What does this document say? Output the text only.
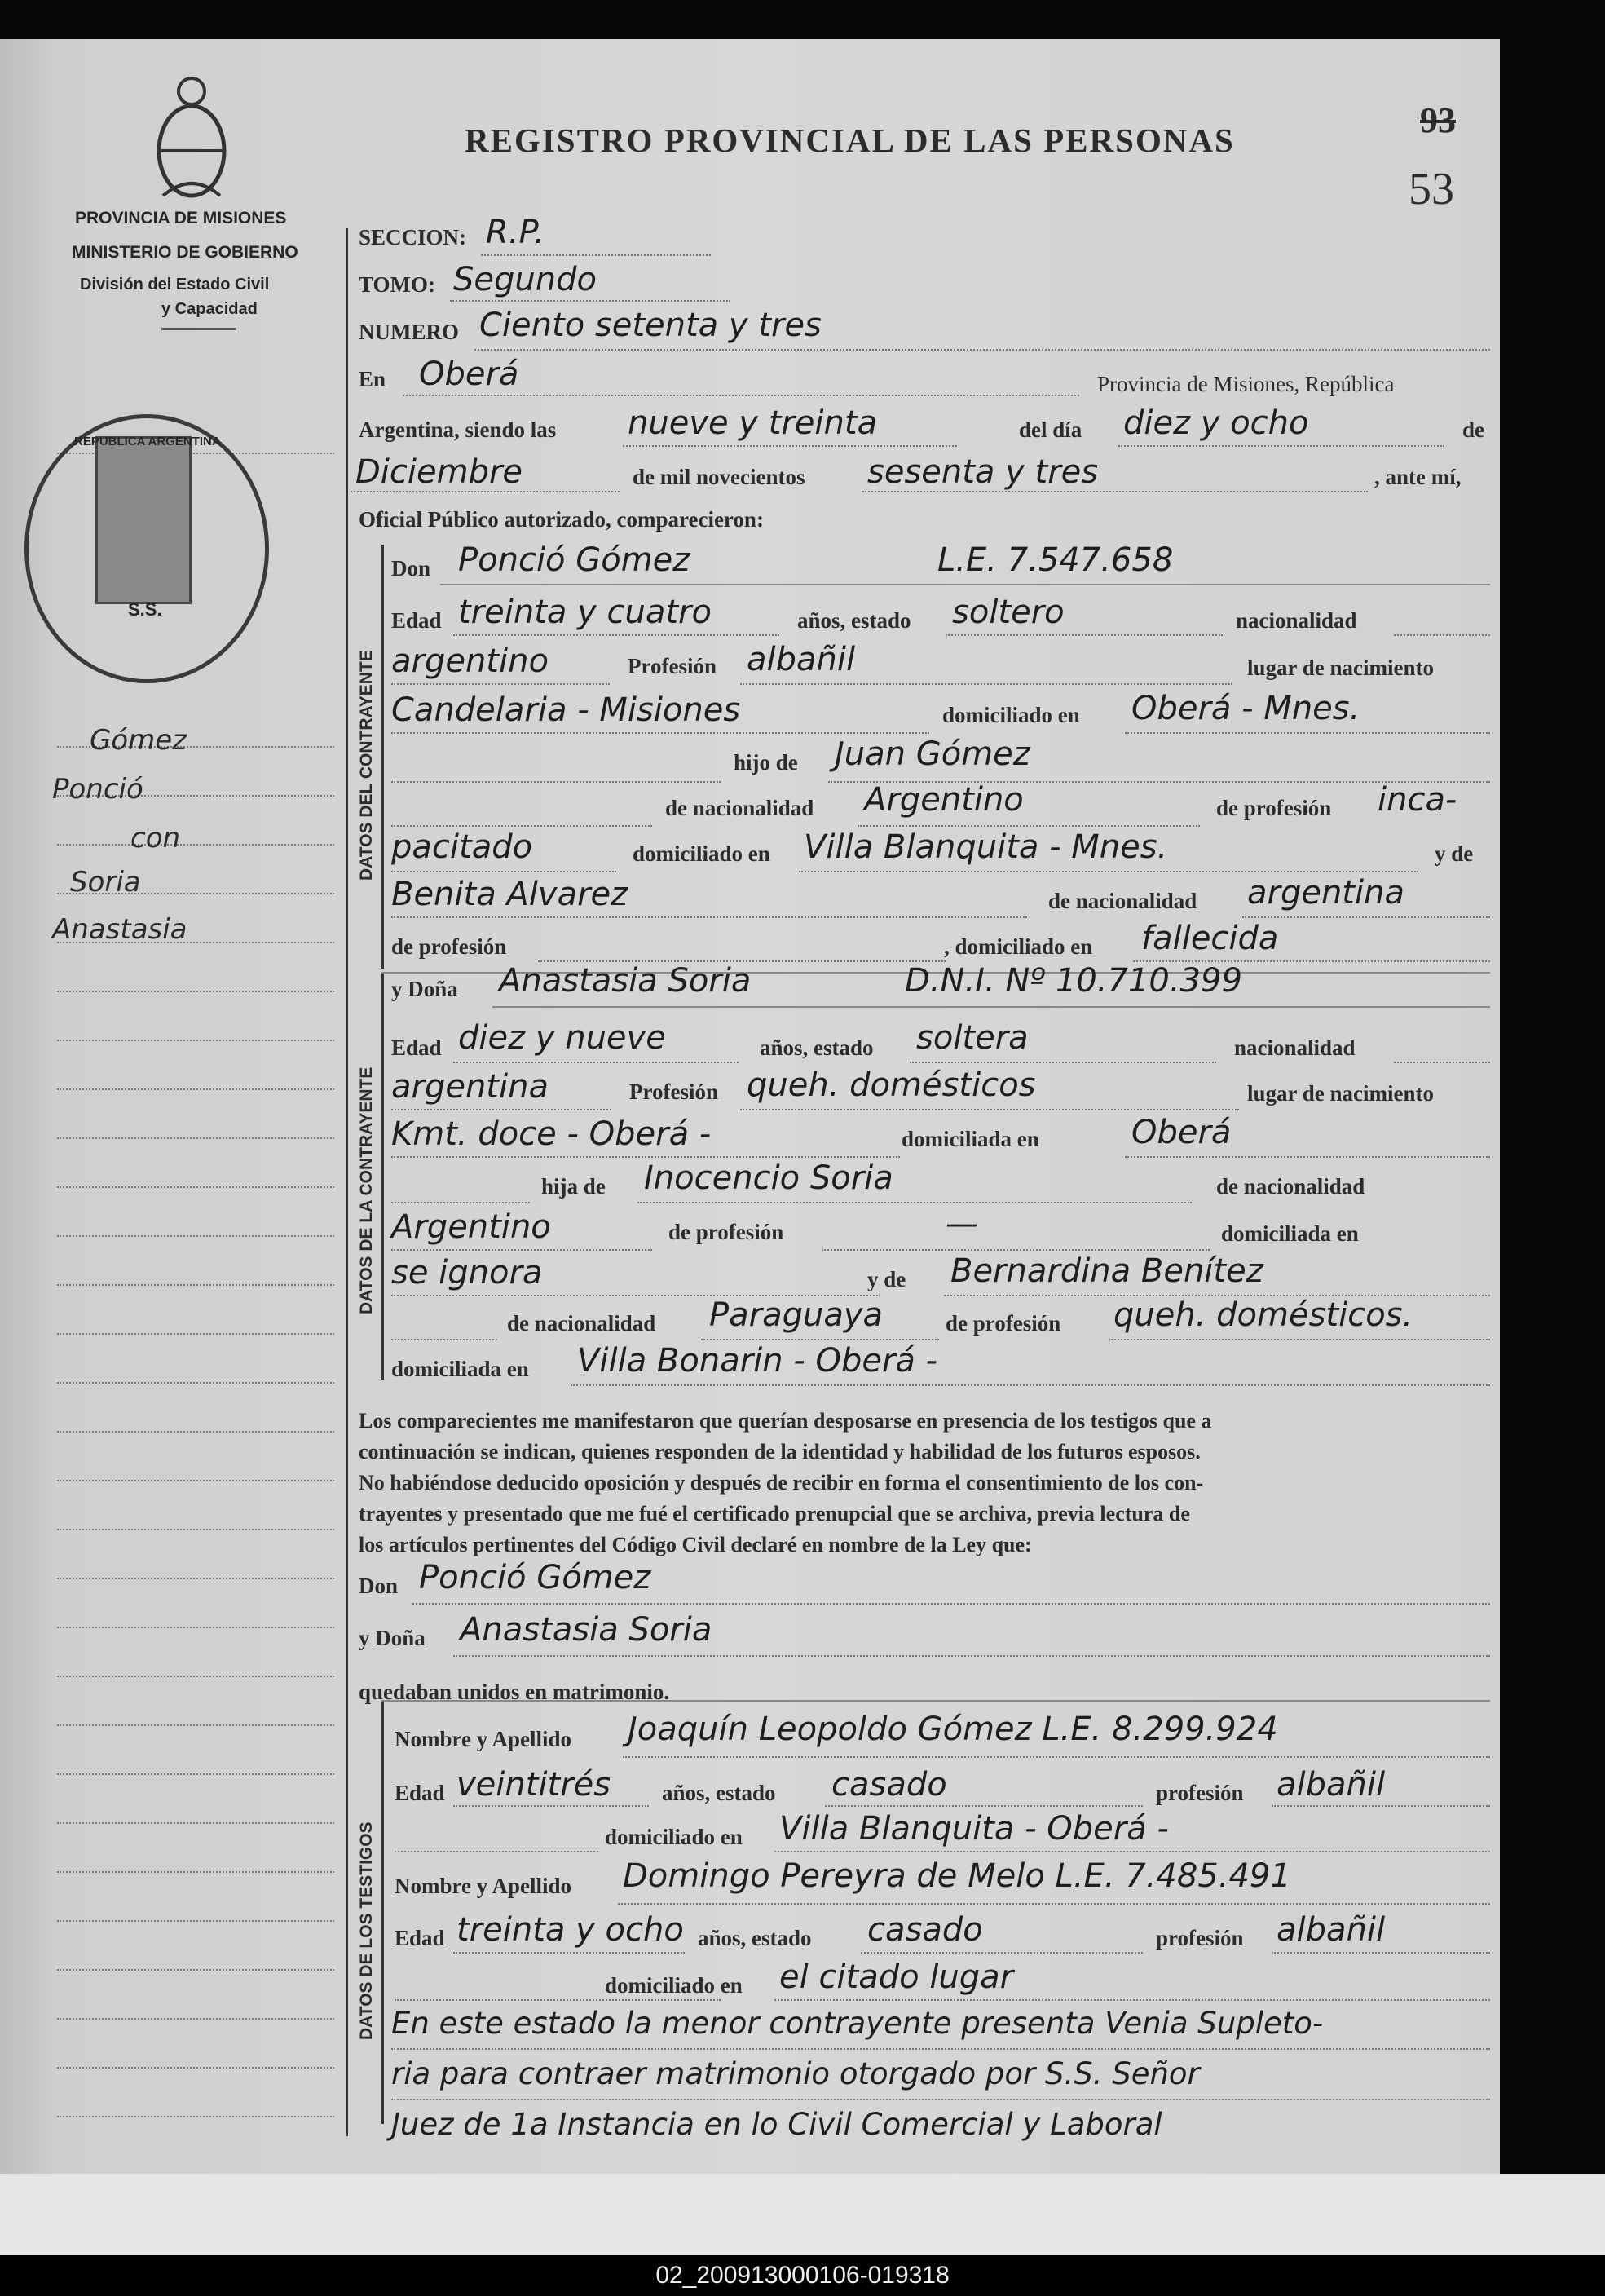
PROVINCIA DE MISIONES
MINISTERIO DE GOBIERNO
División del Estado Civil
y Capacidad
REGISTRO PROVINCIAL DE LAS PERSONAS	93
53
DATOS DEL CONTRAYENTE
DATOS DE LA CONTRAYENTE
DATOS DE LOS TESTIGOS
REPUBLICA ARGENTINA
S.S.
Gómez
Ponció
con
Soria
Anastasia
SECCION: R.P.
TOMO: Segundo
NUMERO Ciento setenta y tres
En Oberá	Provincia de Misiones, República
Argentina, siendo las nueve y treinta	del día diez y ocho	de
Diciembre	de mil novecientos sesenta y tres	, ante mí,
Oficial Público autorizado, comparecieron:
Don Ponció Gómez	L.E. 7.547.658
Edad treinta y cuatro	años, estado soltero	nacionalidad
argentino	Profesión albañil	lugar de nacimiento
Candelaria - Misiones	domiciliado en Oberá - Mnes.
hijo de Juan Gómez
de nacionalidad Argentino	de profesión inca-
pacitado	domiciliado en Villa Blanquita - Mnes.	y de
Benita Alvarez	de nacionalidad argentina
de profesión	, domiciliado en fallecida
y Doña Anastasia Soria	D.N.I. Nº 10.710.399
Edad diez y nueve	años, estado soltera	nacionalidad
argentina	Profesión queh. domésticos	lugar de nacimiento
Kmt. doce - Oberá -	domiciliada en	Oberá
hija de Inocencio Soria	de nacionalidad
Argentino	de profesión	—	domiciliada en
se ignora	y de Bernardina Benítez
de nacionalidad Paraguaya	de profesión queh. domésticos.
domiciliada en Villa Bonarin - Oberá -
Los comparecientes me manifestaron que querían desposarse en presencia de los testigos que a
continuación se indican, quienes responden de la identidad y habilidad de los futuros esposos.
No habiéndose deducido oposición y después de recibir en forma el consentimiento de los con-
trayentes y presentado que me fué el certificado prenupcial que se archiva, previa lectura de
los artículos pertinentes del Código Civil declaré en nombre de la Ley que:
Don Ponció Gómez
y Doña Anastasia Soria
quedaban unidos en matrimonio.
Nombre y Apellido Joaquín Leopoldo Gómez L.E. 8.299.924
Edad veintitrés años, estado casado	profesión albañil
domiciliado en Villa Blanquita - Oberá -
Nombre y Apellido Domingo Pereyra de Melo L.E. 7.485.491
Edad treinta y ocho años, estado casado	profesión albañil
domiciliado en el citado lugar
En este estado la menor contrayente presenta Venia Supleto-
ria para contraer matrimonio otorgado por S.S. Señor
Juez de 1a Instancia en lo Civil Comercial y Laboral
02_200913000106-019318
